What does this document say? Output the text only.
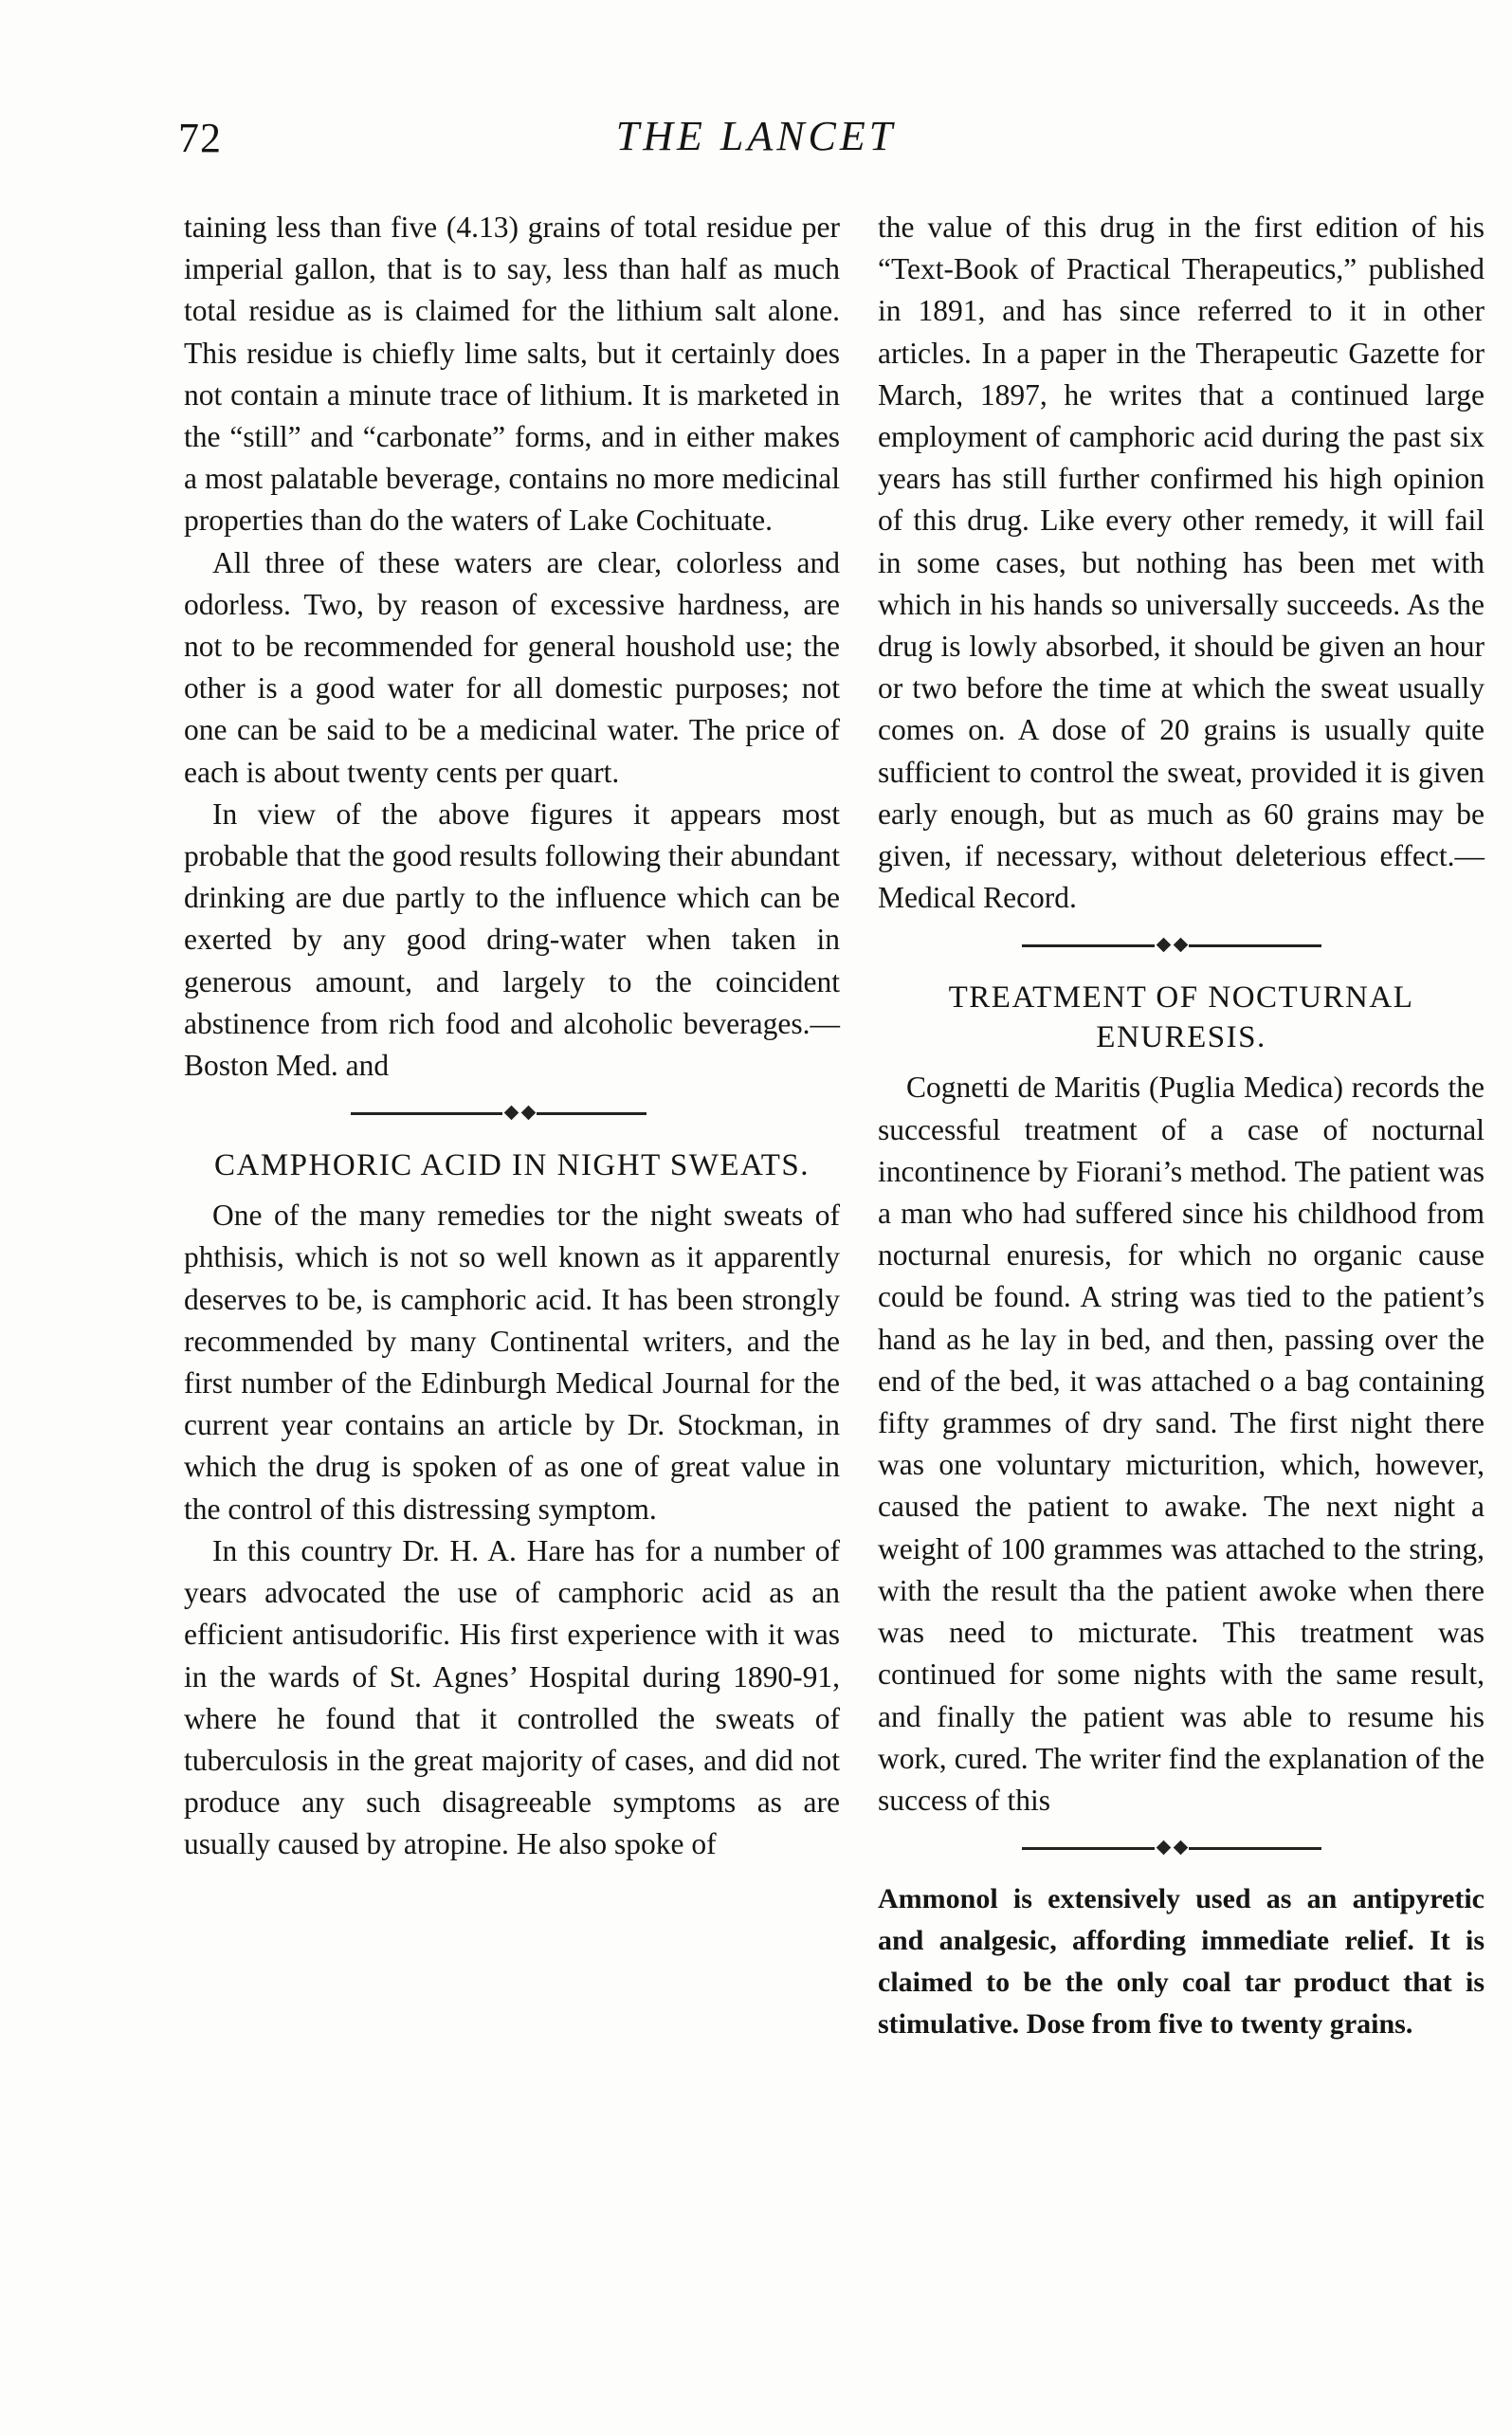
72	THE LANCET

taining less than five (4.13) grains of total residue per imperial gallon, that is to say, less than half as much total residue as is claimed for the lithium salt alone. This residue is chiefly lime salts, but it certainly does not contain a minute trace of lithium. It is marketed in the “still” and “carbonate” forms, and in either makes a most palatable beverage, contains no more medicinal properties than do the waters of Lake Cochituate.

All three of these waters are clear, colorless and odorless. Two, by reason of excessive hardness, are not to be recommended for general houshold use; the other is a good water for all domestic purposes; not one can be said to be a medicinal water. The price of each is about twenty cents per quart.

In view of the above figures it appears most probable that the good results following their abundant drinking are due partly to the influence which can be exerted by any good dring-water when taken in generous amount, and largely to the coincident abstinence from rich food and alcoholic beverages.—Boston Med. and

CAMPHORIC ACID IN NIGHT SWEATS.

One of the many remedies tor the night sweats of phthisis, which is not so well known as it apparently deserves to be, is camphoric acid. It has been strongly recommended by many Continental writers, and the first number of the Edinburgh Medical Journal for the current year contains an article by Dr. Stockman, in which the drug is spoken of as one of great value in the control of this distressing symptom.

In this country Dr. H. A. Hare has for a number of years advocated the use of camphoric acid as an efficient antisudorific. His first experience with it was in the wards of St. Agnes’ Hospital during 1890-91, where he found that it controlled the sweats of tuberculosis in the great majority of cases, and did not produce any such disagreeable symptoms as are usually caused by atropine. He also spoke of

the value of this drug in the first edition of his “Text-Book of Practical Therapeutics,” published in 1891, and has since referred to it in other articles. In a paper in the Therapeutic Gazette for March, 1897, he writes that a continued large employment of camphoric acid during the past six years has still further confirmed his high opinion of this drug. Like every other remedy, it will fail in some cases, but nothing has been met with which in his hands so universally succeeds. As the drug is lowly absorbed, it should be given an hour or two before the time at which the sweat usually comes on. A dose of 20 grains is usually quite sufficient to control the sweat, provided it is given early enough, but as much as 60 grains may be given, if necessary, without deleterious effect.—Medical Record.

TREATMENT OF NOCTURNAL ENURESIS.

Cognetti de Maritis (Puglia Medica) records the successful treatment of a case of nocturnal incontinence by Fiorani’s method. The patient was a man who had suffered since his childhood from nocturnal enuresis, for which no organic cause could be found. A string was tied to the patient’s hand as he lay in bed, and then, passing over the end of the bed, it was attached o a bag containing fifty grammes of dry sand. The first night there was one voluntary micturition, which, however, caused the patient to awake. The next night a weight of 100 grammes was attached to the string, with the result tha the patient awoke when there was need to micturate. This treatment was continued for some nights with the same result, and finally the patient was able to resume his work, cured. The writer find the explanation of the success of this

Ammonol is extensively used as an antipyretic and analgesic, affording immediate relief. It is claimed to be the only coal tar product that is stimulative. Dose from five to twenty grains.
